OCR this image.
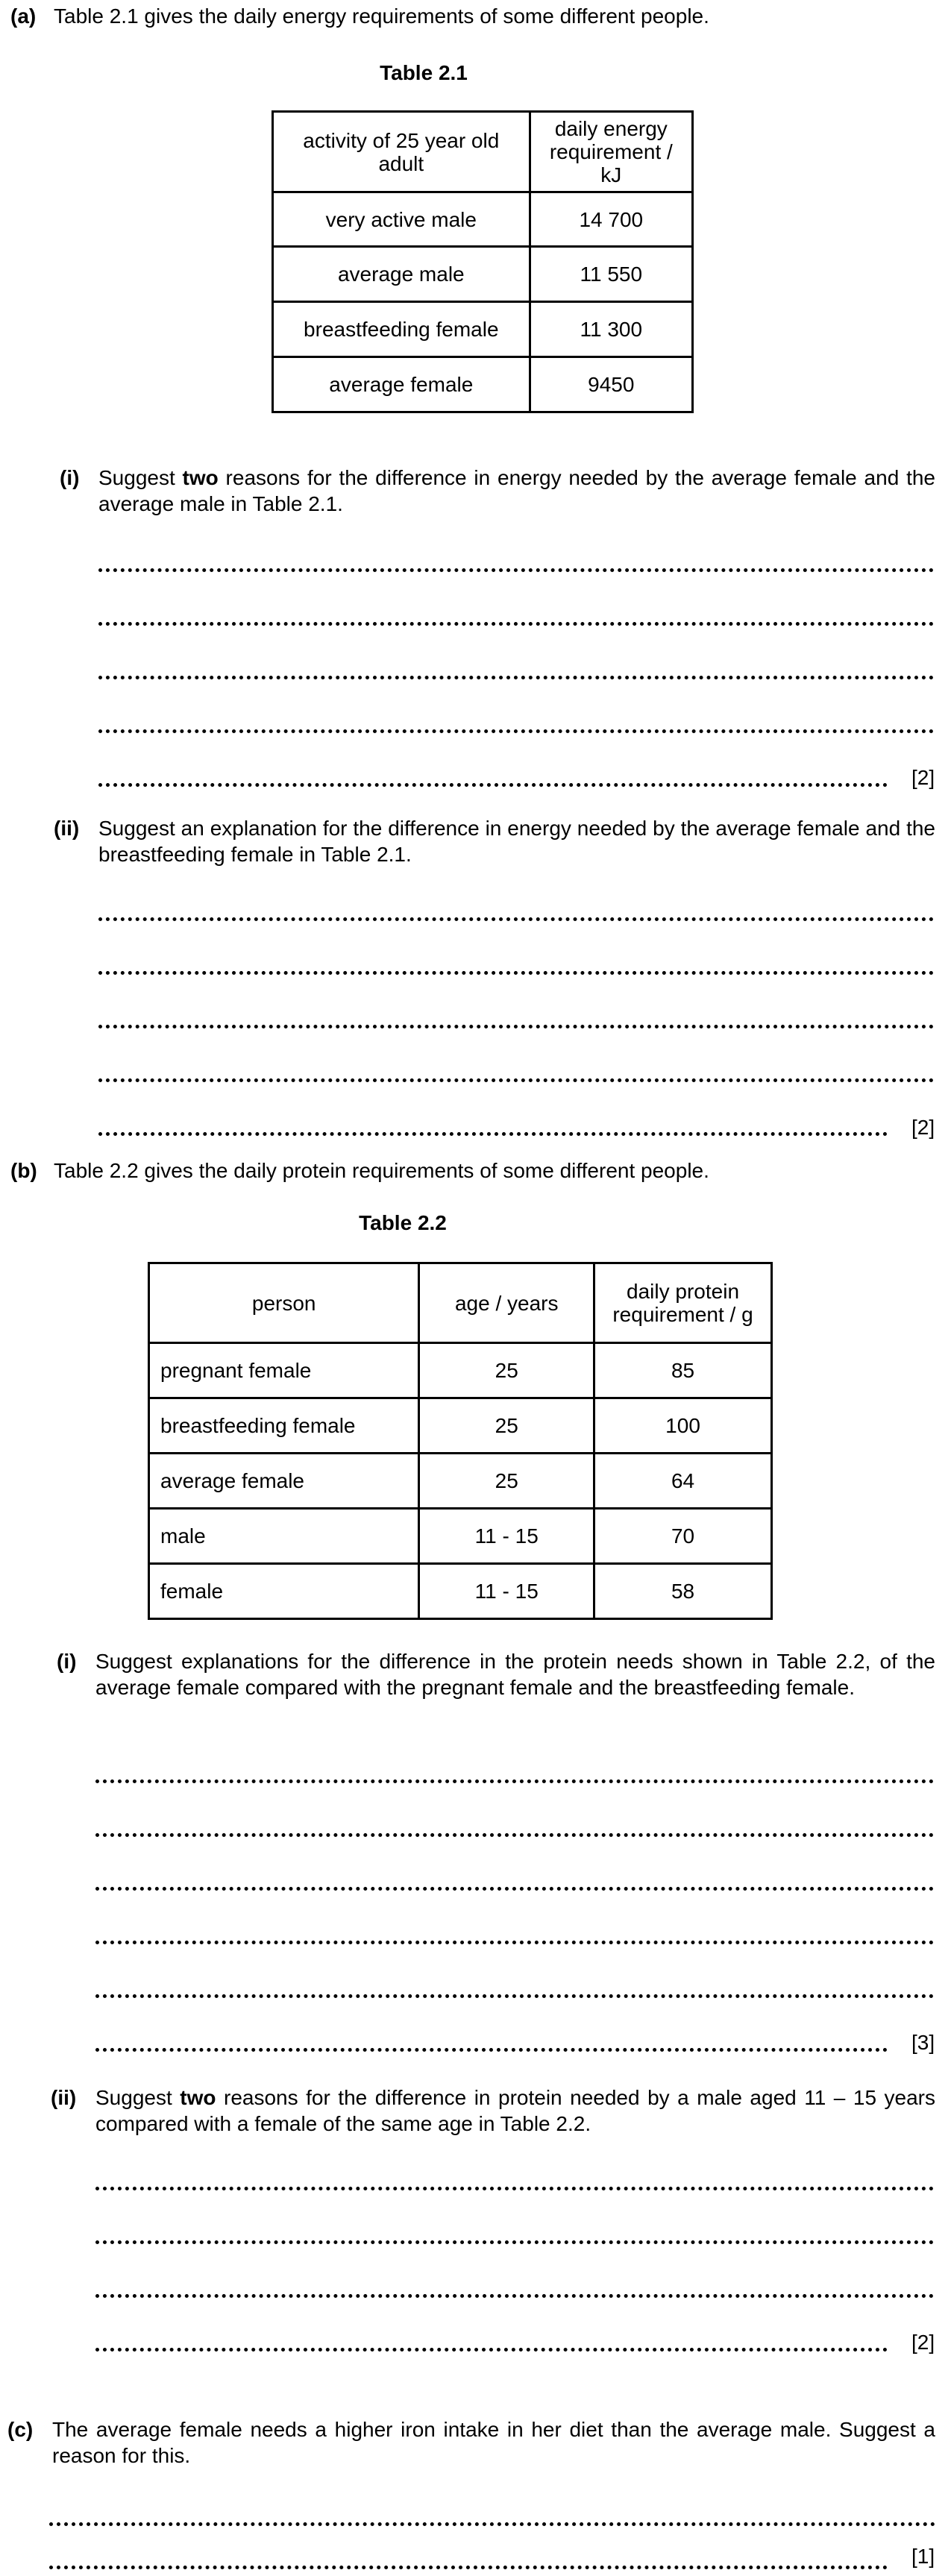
(a) Table 2.1 gives the daily energy requirements of some different people.
Table 2.1
activity of 25 year old adult	daily energy requirement / kJ
very active male	14 700
average male	11 550
breastfeeding female	11 300
average female	9450
(i) Suggest two reasons for the difference in energy needed by the average female and the average male in Table 2.1.
[2]
(ii) Suggest an explanation for the difference in energy needed by the average female and the breastfeeding female in Table 2.1.
[2]
(b) Table 2.2 gives the daily protein requirements of some different people.
Table 2.2
person	age / years	daily protein requirement / g
pregnant female	25	85
breastfeeding female	25	100
average female	25	64
male	11 - 15	70
female	11 - 15	58
(i) Suggest explanations for the difference in the protein needs shown in Table 2.2, of the average female compared with the pregnant female and the breastfeeding female.
[3]
(ii) Suggest two reasons for the difference in protein needed by a male aged 11 – 15 years compared with a female of the same age in Table 2.2.
[2]
(c) The average female needs a higher iron intake in her diet than the average male. Suggest a reason for this.
[1]
